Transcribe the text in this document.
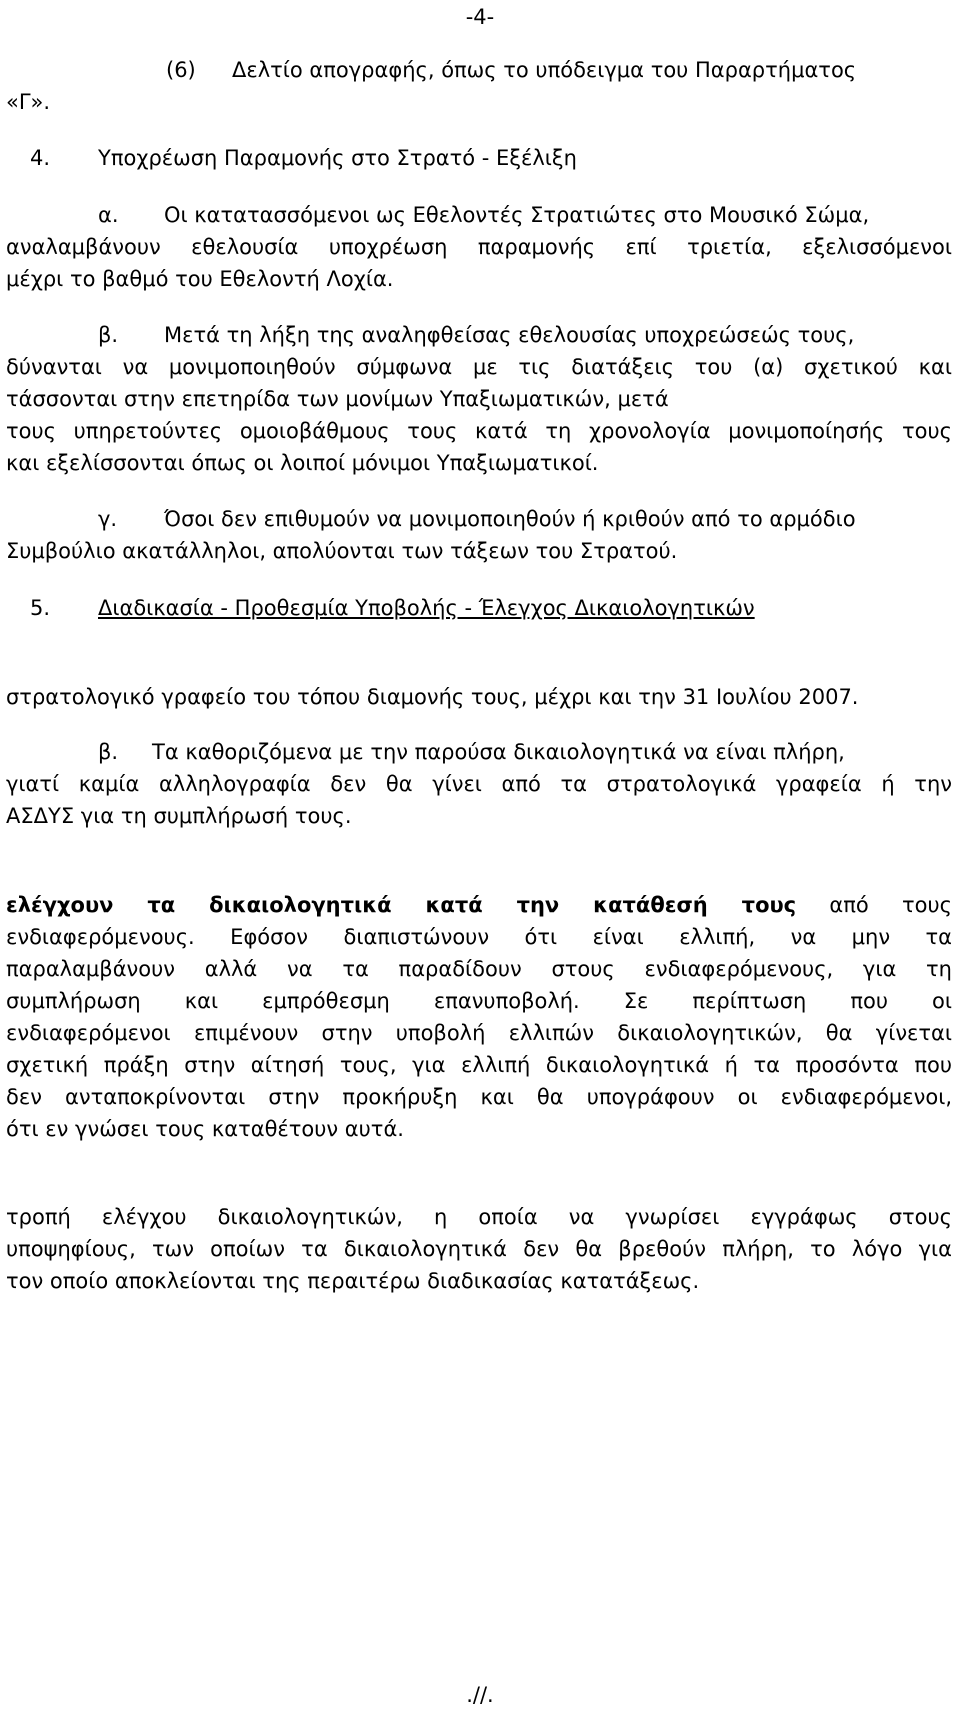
-4-

(6)

Δελτίο απογραφής, όπως το υπόδειγμα του Παραρτήματος

«Γ».

4.

Υποχρέωση Παραμονής στο Στρατό - Εξέλιξη

α.

Οι κατατασσόμενοι ως Εθελοντές Στρατιώτες στο Μουσικό Σώμα,

αναλαμβάνουν εθελουσία υποχρέωση παραμονής επί τριετία, εξελισσόμενοι
μέχρι το βαθμό του Εθελοντή Λοχία.

β.

Μετά τη λήξη της αναληφθείσας εθελουσίας υποχρεώσεώς τους,

δύνανται να μονιμοποιηθούν σύμφωνα με τις διατάξεις του (α) σχετικού και
τάσσονται στην επετηρίδα των μονίμων Υπαξιωματικών, μετά
τους υπηρετούντες ομοιοβάθμους τους κατά τη χρονολογία μονιμοποίησής τους
και εξελίσσονται όπως οι λοιποί μόνιμοι Υπαξιωματικοί.

γ.

Όσοι δεν επιθυμούν να μονιμοποιηθούν ή κριθούν από το αρμόδιο

Συμβούλιο ακατάλληλοι, απολύονται των τάξεων του Στρατού.

5.

Διαδικασία - Προθεσμία Υποβολής - Έλεγχος Δικαιολογητικών

στρατολογικό γραφείο του τόπου διαμονής τους, μέχρι και την 31 Ιουλίου 2007.

β.

Τα καθοριζόμενα με την παρούσα δικαιολογητικά να είναι πλήρη,

γιατί καμία αλληλογραφία δεν θα γίνει από τα στρατολογικά γραφεία ή την
ΑΣΔΥΣ για τη συμπλήρωσή τους.

ελέγχουν τα δικαιολογητικά κατά την κατάθεσή τους από τους
ενδιαφερόμενους. Εφόσον διαπιστώνουν ότι είναι ελλιπή, να μην τα
παραλαμβάνουν αλλά να τα παραδίδουν στους ενδιαφερόμενους, για τη
συμπλήρωση και εμπρόθεσμη επανυποβολή. Σε περίπτωση που οι
ενδιαφερόμενοι επιμένουν στην υποβολή ελλιπών δικαιολογητικών, θα γίνεται
σχετική πράξη στην αίτησή τους, για ελλιπή δικαιολογητικά ή τα προσόντα που
δεν ανταποκρίνονται στην προκήρυξη και θα υπογράφουν οι ενδιαφερόμενοι,
ότι εν γνώσει τους καταθέτουν αυτά.

τροπή ελέγχου δικαιολογητικών, η οποία να γνωρίσει εγγράφως στους
υποψηφίους, των οποίων τα δικαιολογητικά δεν θα βρεθούν πλήρη, το λόγο για
τον οποίο αποκλείονται της περαιτέρω διαδικασίας κατατάξεως.
.//.
